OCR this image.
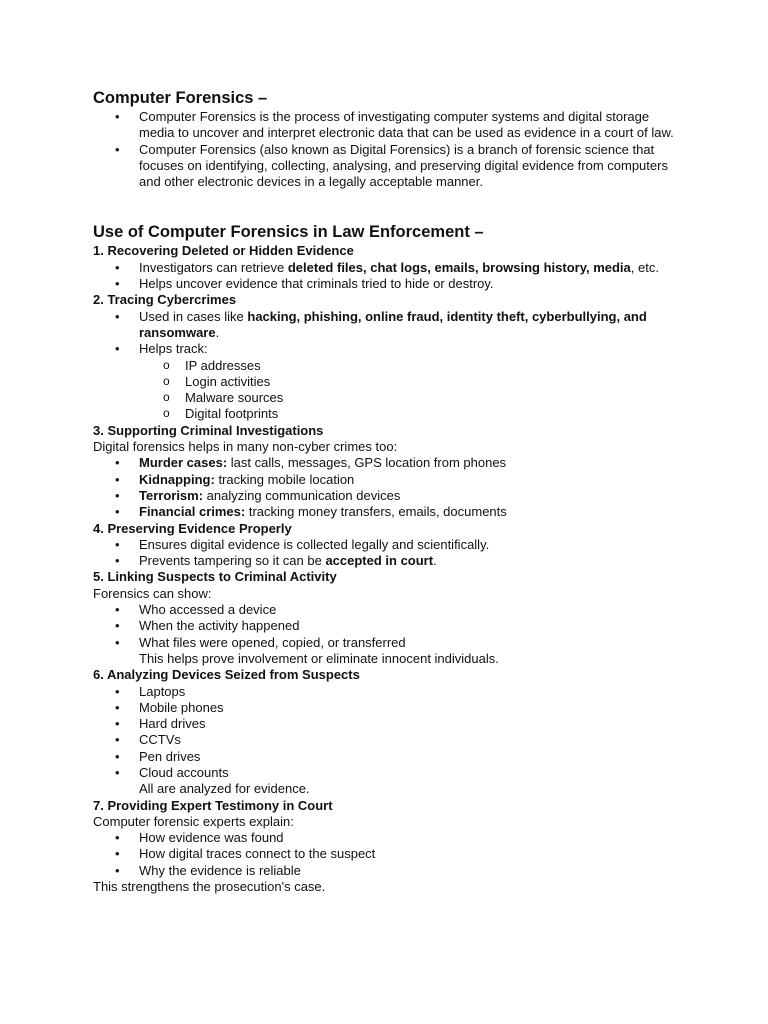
Computer Forensics –
• Computer Forensics is the process of investigating computer systems and digital storage media to uncover and interpret electronic data that can be used as evidence in a court of law.
• Computer Forensics (also known as Digital Forensics) is a branch of forensic science that focuses on identifying, collecting, analysing, and preserving digital evidence from computers and other electronic devices in a legally acceptable manner.
Use of Computer Forensics in Law Enforcement –

1. Recovering Deleted or Hidden Evidence

• Investigators can retrieve deleted files, chat logs, emails, browsing history, media, etc.
• Helps uncover evidence that criminals tried to hide or destroy.

2. Tracing Cybercrimes

• Used in cases like hacking, phishing, online fraud, identity theft, cyberbullying, and ransomware.
• Helps track:
o IP addresses
o Login activities
o Malware sources
o Digital footprints

3. Supporting Criminal Investigations

Digital forensics helps in many non-cyber crimes too:

• Murder cases: last calls, messages, GPS location from phones
• Kidnapping: tracking mobile location
• Terrorism: analyzing communication devices
• Financial crimes: tracking money transfers, emails, documents

4. Preserving Evidence Properly

• Ensures digital evidence is collected legally and scientifically.
• Prevents tampering so it can be accepted in court.

5. Linking Suspects to Criminal Activity

Forensics can show:

• Who accessed a device
• When the activity happened
• What files were opened, copied, or transferred

This helps prove involvement or eliminate innocent individuals.

6. Analyzing Devices Seized from Suspects

• Laptops
• Mobile phones
• Hard drives
• CCTVs
• Pen drives
• Cloud accounts

All are analyzed for evidence.

7. Providing Expert Testimony in Court

Computer forensic experts explain:

• How evidence was found
• How digital traces connect to the suspect
• Why the evidence is reliable

This strengthens the prosecution's case.
